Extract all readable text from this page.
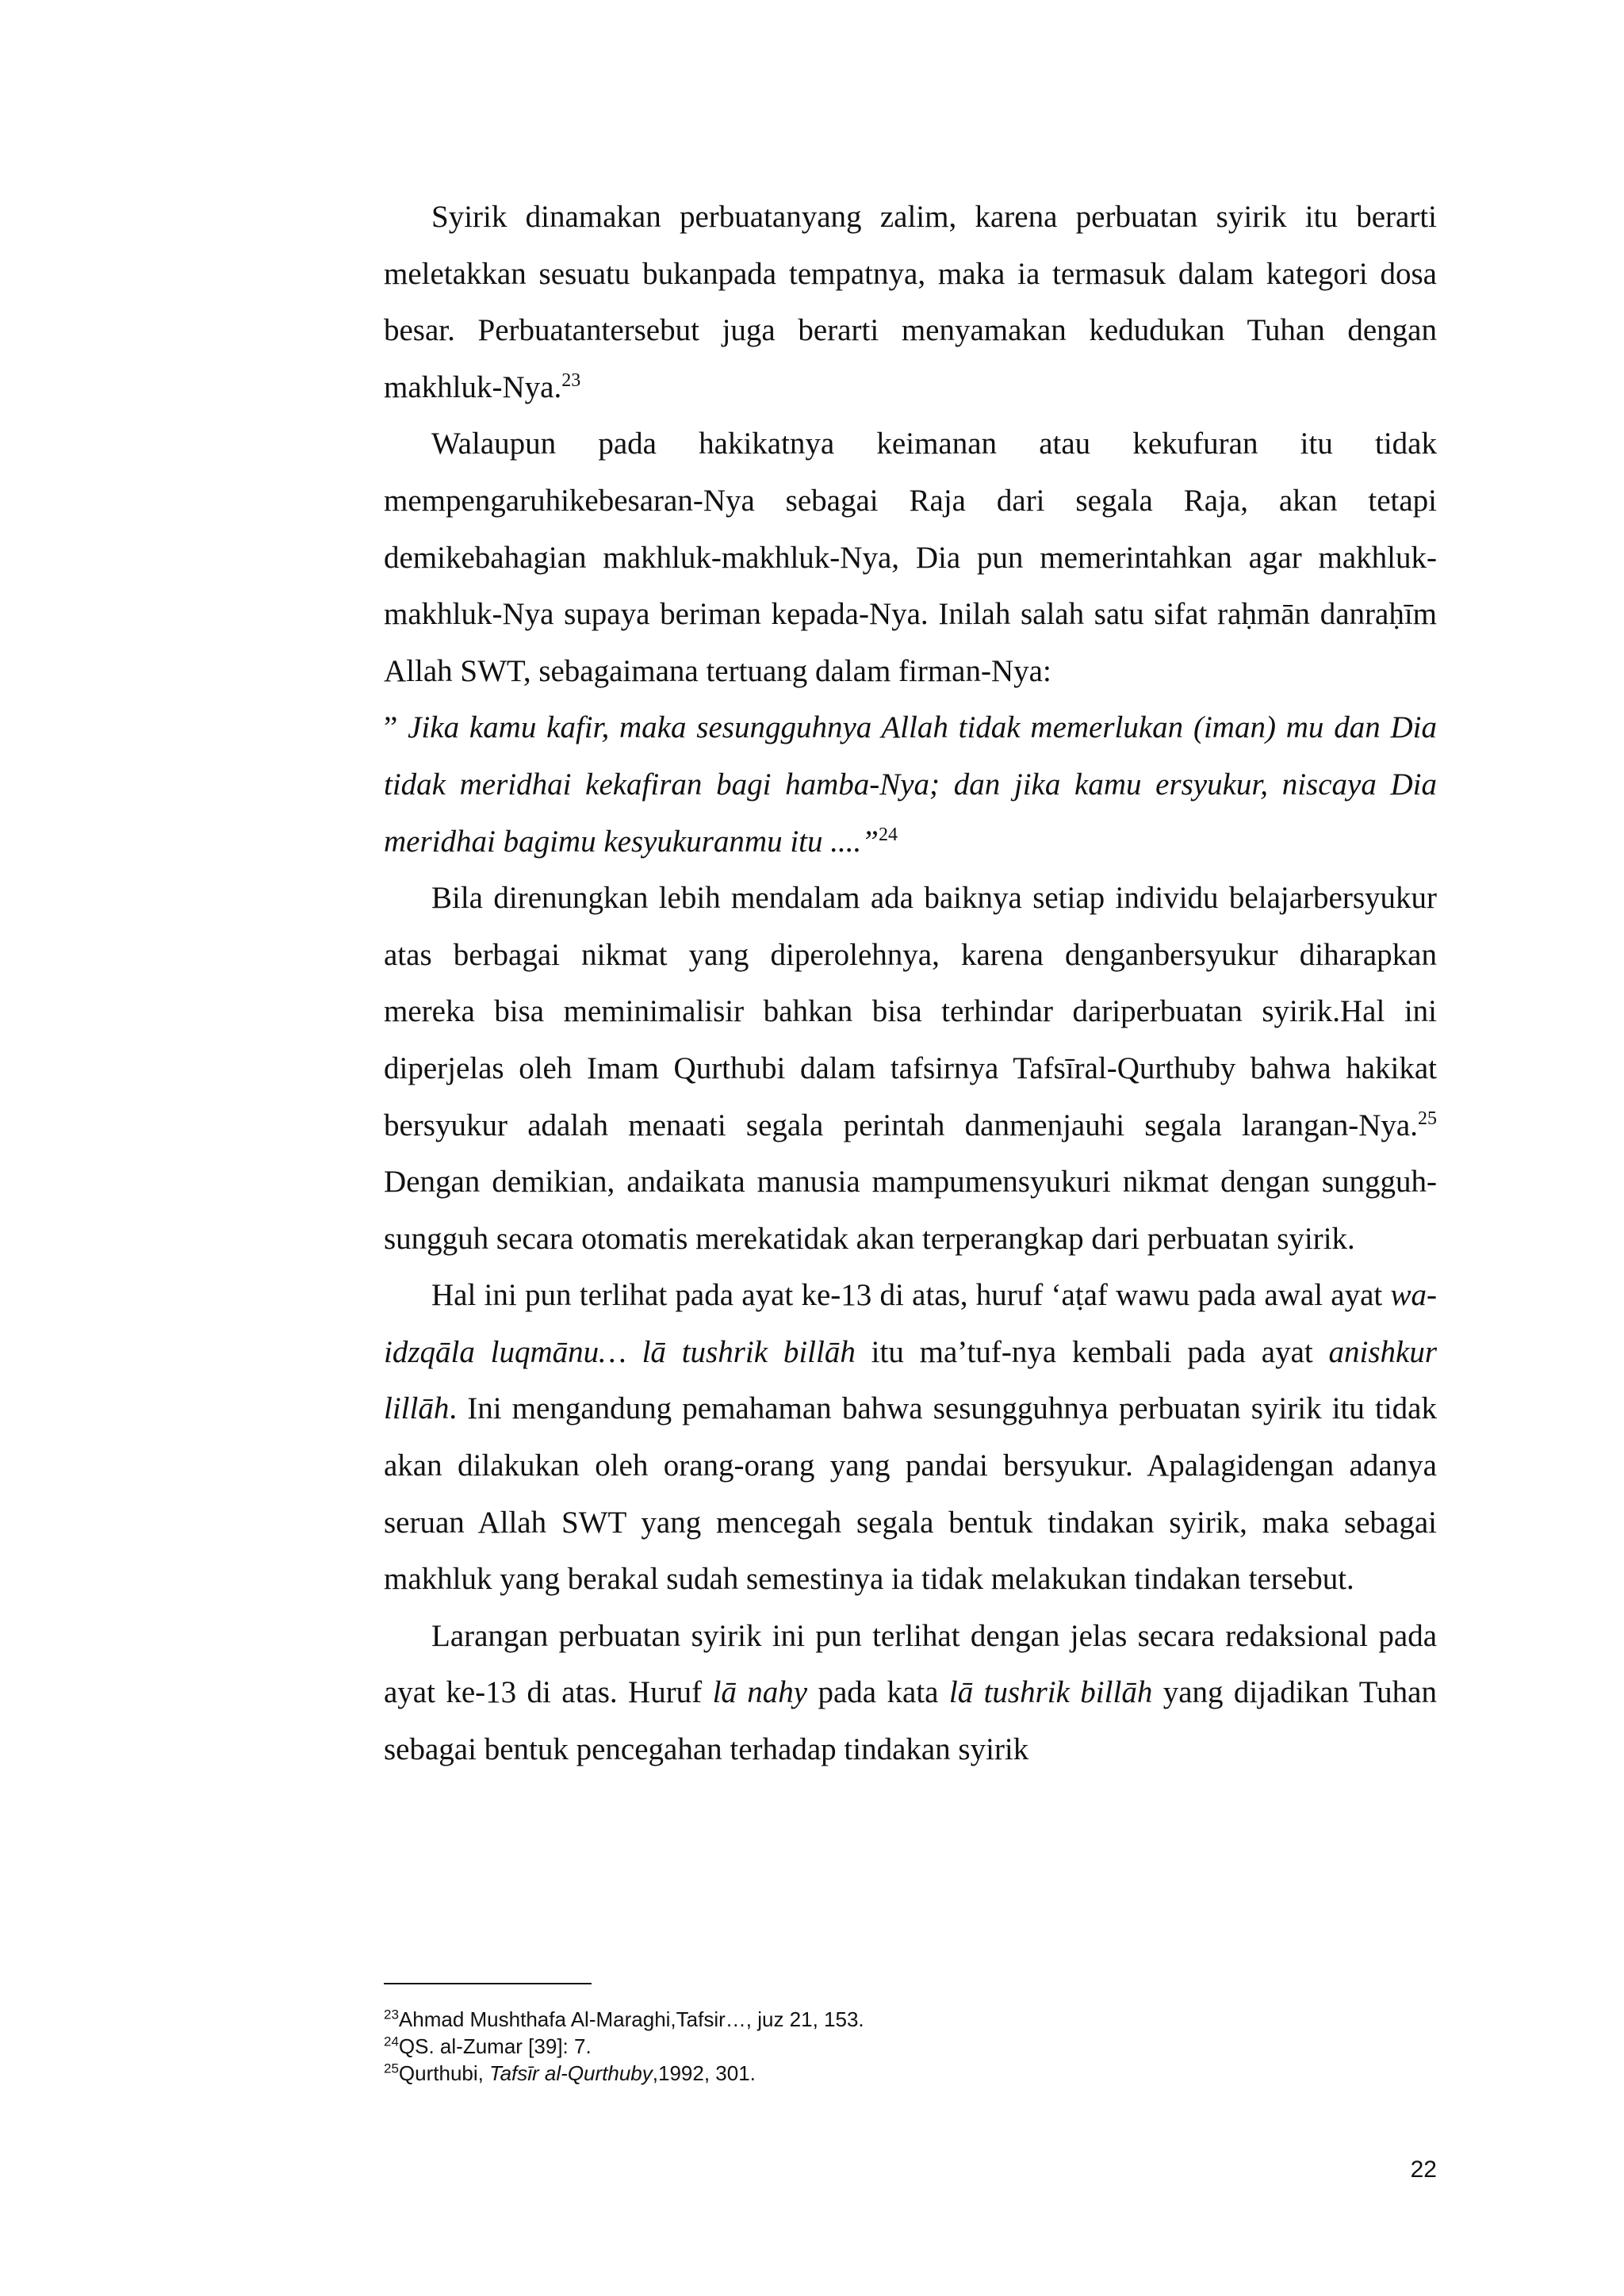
Syirik dinamakan perbuatanyang zalim, karena perbuatan syirik itu berarti meletakkan sesuatu bukanpada tempatnya, maka ia termasuk dalam kategori dosa besar. Perbuatantersebut juga berarti menyamakan kedudukan Tuhan dengan makhluk-Nya.$^{23}$

Walaupun pada hakikatnya keimanan atau kekufuran itu tidak mempengaruhikebesaran-Nya sebagai Raja dari segala Raja, akan tetapi demikebahagian makhluk-makhluk-Nya, Dia pun memerintahkan agar makhluk- makhluk-Nya supaya beriman kepada-Nya. Inilah salah satu sifat raḥmān danraḥīm Allah SWT, sebagaimana tertuang dalam firman-Nya:

” Jika kamu kafir, maka sesungguhnya Allah tidak memerlukan (iman) mu dan Dia tidak meridhai kekafiran bagi hamba-Nya; dan jika kamu ersyukur, niscaya Dia meridhai bagimu kesyukuranmu itu ....”$^{24}$

Bila direnungkan lebih mendalam ada baiknya setiap individu belajarbersyukur atas berbagai nikmat yang diperolehnya, karena denganbersyukur diharapkan mereka bisa meminimalisir bahkan bisa terhindar dariperbuatan syirik.Hal ini diperjelas oleh Imam Qurthubi dalam tafsirnya Tafsīral-Qurthuby bahwa hakikat bersyukur adalah menaati segala perintah danmenjauhi segala larangan-Nya.$^{25}$ Dengan demikian, andaikata manusia mampumensyukuri nikmat dengan sungguh-sungguh secara otomatis merekatidak akan terperangkap dari perbuatan syirik.

Hal ini pun terlihat pada ayat ke-13 di atas, huruf ‘aṭaf wawu pada awal ayat wa-idzqāla luqmānu… lā tushrik billāh itu ma’tuf-nya kembali pada ayat anishkur lillāh. Ini mengandung pemahaman bahwa sesungguhnya perbuatan syirik itu tidak akan dilakukan oleh orang-orang yang pandai bersyukur. Apalagidengan adanya seruan Allah SWT yang mencegah segala bentuk tindakan syirik, maka sebagai makhluk yang berakal sudah semestinya ia tidak melakukan tindakan tersebut.

Larangan perbuatan syirik ini pun terlihat dengan jelas secara redaksional pada ayat ke-13 di atas. Huruf lā nahy pada kata lā tushrik billāh yang dijadikan Tuhan sebagai bentuk pencegahan terhadap tindakan syirik

$^{23}$Ahmad Mushthafa Al-Maraghi,Tafsir…, juz 21, 153.
$^{24}$QS. al-Zumar [39]: 7.
$^{25}$Qurthubi, Tafsīr al-Qurthuby,1992, 301.
22
